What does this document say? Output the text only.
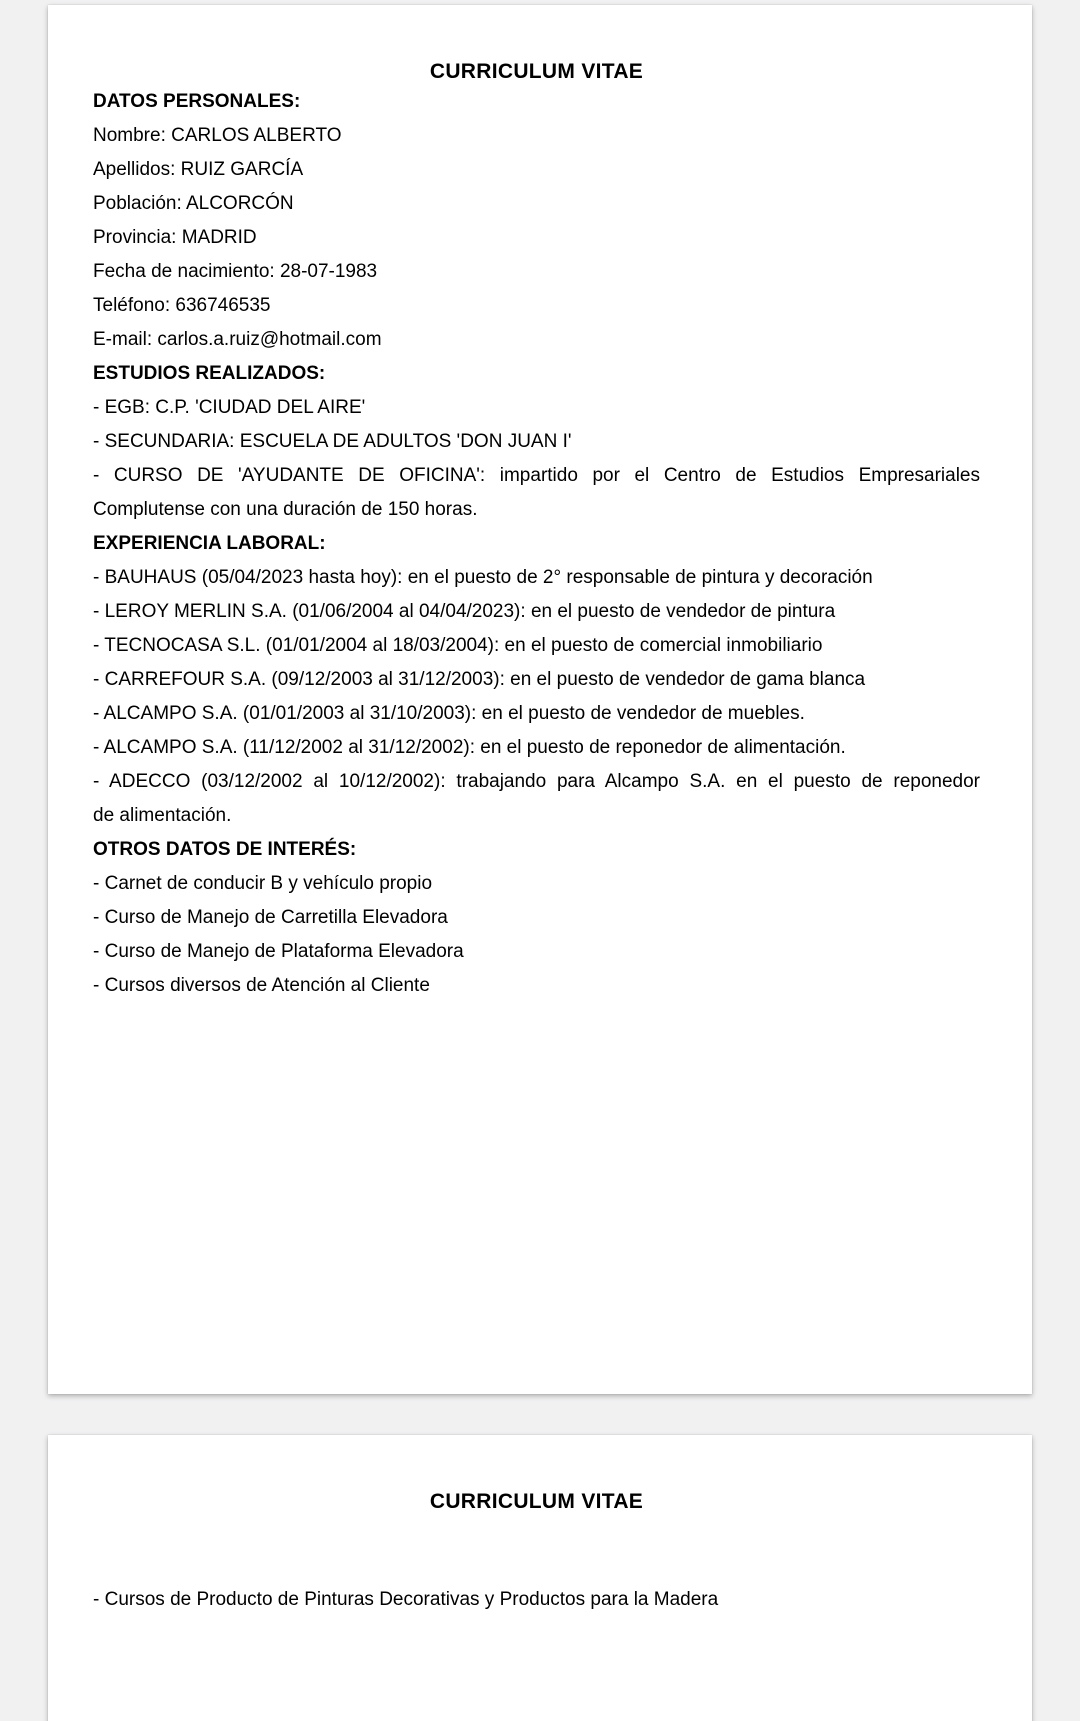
CURRICULUM VITAE
DATOS PERSONALES:

Nombre: CARLOS ALBERTO

Apellidos: RUIZ GARCÍA

Población: ALCORCÓN

Provincia: MADRID

Fecha de nacimiento: 28-07-1983

Teléfono: 636746535

E-mail: carlos.a.ruiz@hotmail.com

ESTUDIOS REALIZADOS:

- EGB: C.P. 'CIUDAD DEL AIRE'

- SECUNDARIA: ESCUELA DE ADULTOS 'DON JUAN I'

- CURSO DE 'AYUDANTE DE OFICINA': impartido por el Centro de Estudios Empresariales

Complutense con una duración de 150 horas.

EXPERIENCIA LABORAL:

- BAUHAUS (05/04/2023 hasta hoy): en el puesto de 2° responsable de pintura y decoración

- LEROY MERLIN S.A. (01/06/2004 al 04/04/2023): en el puesto de vendedor de pintura

- TECNOCASA S.L. (01/01/2004 al 18/03/2004): en el puesto de comercial inmobiliario

- CARREFOUR S.A. (09/12/2003 al 31/12/2003): en el puesto de vendedor de gama blanca

- ALCAMPO S.A. (01/01/2003 al 31/10/2003): en el puesto de vendedor de muebles.

- ALCAMPO S.A. (11/12/2002 al 31/12/2002): en el puesto de reponedor de alimentación.

- ADECCO (03/12/2002 al 10/12/2002): trabajando para Alcampo S.A. en el puesto de reponedor

de alimentación.

OTROS DATOS DE INTERÉS:

- Carnet de conducir B y vehículo propio

- Curso de Manejo de Carretilla Elevadora

- Curso de Manejo de Plataforma Elevadora

- Cursos diversos de Atención al Cliente

CURRICULUM VITAE

- Cursos de Producto de Pinturas Decorativas y Productos para la Madera
